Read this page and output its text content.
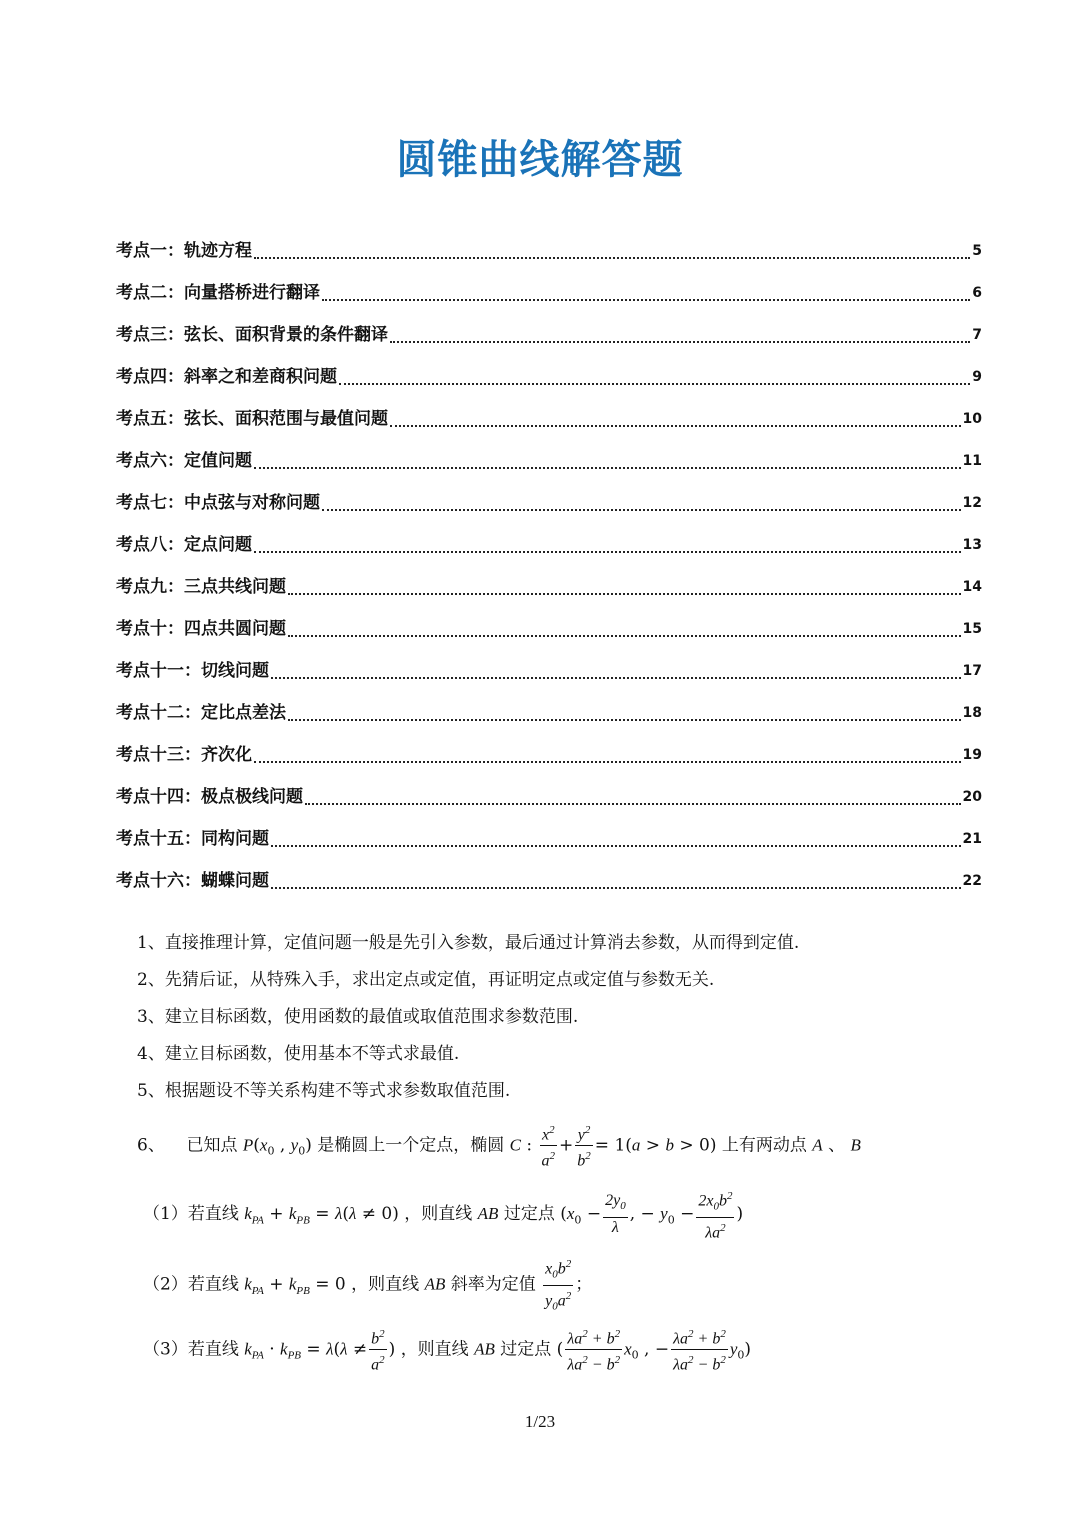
圆锥曲线解答题
考点一：轨迹方程	5
考点二：向量搭桥进行翻译	6
考点三：弦长、面积背景的条件翻译	7
考点四：斜率之和差商积问题	9
考点五：弦长、面积范围与最值问题	10
考点六：定值问题	11
考点七：中点弦与对称问题	12
考点八：定点问题	13
考点九：三点共线问题	14
考点十：四点共圆问题	15
考点十一：切线问题	17
考点十二：定比点差法	18
考点十三：齐次化	19
考点十四：极点极线问题	20
考点十五：同构问题	21
考点十六：蝴蝶问题	22
1、直接推理计算，定值问题一般是先引入参数，最后通过计算消去参数，从而得到定值.
2、先猜后证，从特殊入手，求出定点或定值，再证明定点或定值与参数无关.
3、建立目标函数，使用函数的最值或取值范围求参数范围.
4、建立目标函数，使用基本不等式求最值.
5、根据题设不等关系构建不等式求参数取值范围.
6、 已知点 $P(x_0$ , $y_0$) 是椭圆上一个定点，椭圆 C : $\frac{x^2}{a^2} + \frac{y^2}{b^2} = 1(a > b > 0)$ 上有两动点 A 、 B
（1）若直线 $k_{PA} + k_{PB} = \lambda(\lambda \ne 0)$ ，则直线 AB 过定点 ($x_0 - \frac{2y_0}{\lambda}$ , − $y_0 - \frac{2x_0b^2}{\lambda a^2}$ )
（2）若直线 $k_{PA} + k_{PB} = 0$ ，则直线 AB 斜率为定值 $\frac{x_0b^2}{y_0a^2}$ ；
（3）若直线 $k_{PA} \cdot k_{PB} = \lambda(\lambda \ne \frac{b^2}{a^2}$ ) ，则直线 AB 过定点 ( $\frac{\lambda a^2 + b^2}{\lambda a^2 - b^2} x_0$ , − $\frac{\lambda a^2 + b^2}{\lambda a^2 - b^2} y_0$)
1/23
